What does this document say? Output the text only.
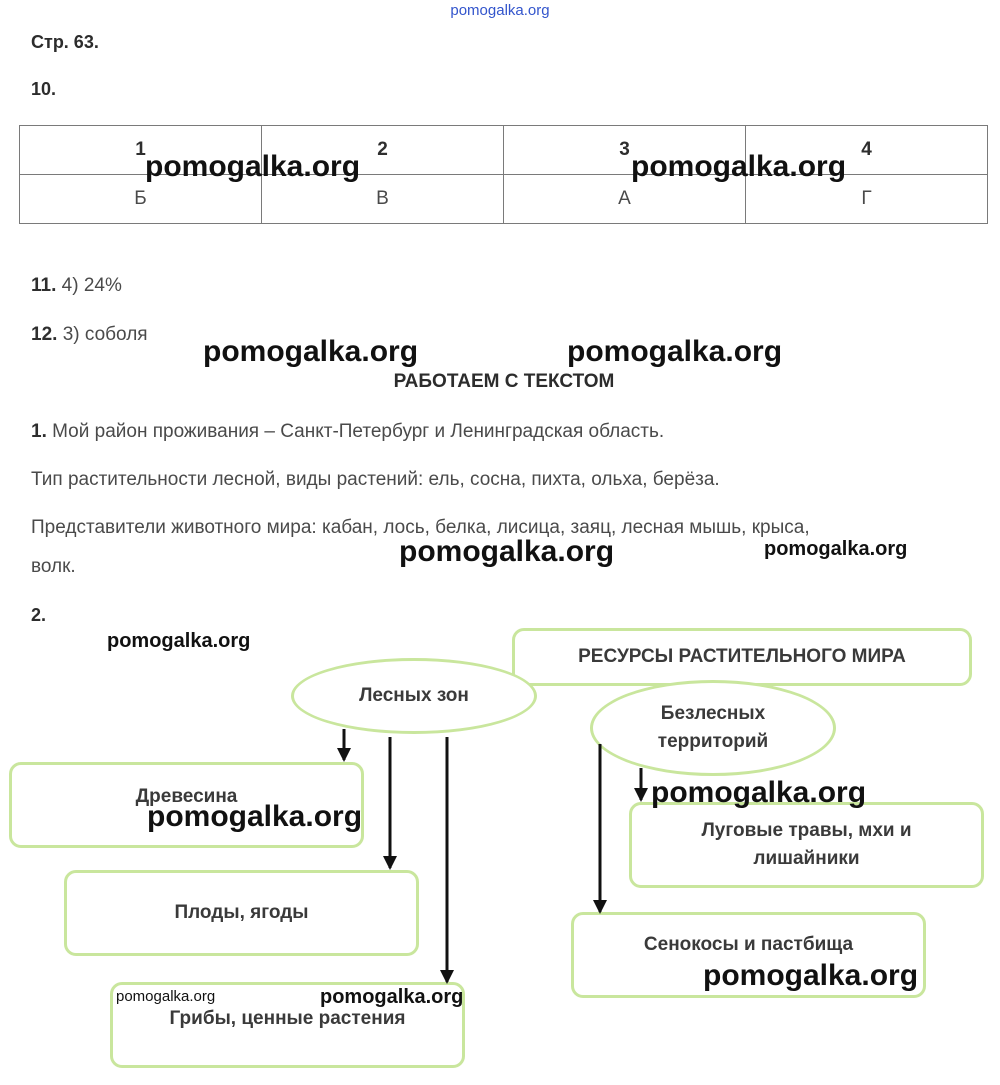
pomogalka.org
Стр. 63.
10.
1	2	3	4
Б	В	А	Г
11. 4) 24%
12. 3) соболя
РАБОТАЕМ С ТЕКСТОМ
1. Мой район проживания – Санкт-Петербург и Ленинградская область.
Тип растительности лесной, виды растений: ель, сосна, пихта, ольха, берёза.
Представители животного мира: кабан, лось, белка, лисица, заяц, лесная мышь, крыса,
волк.
2.
РЕСУРСЫ РАСТИТЕЛЬНОГО МИРА
Лесных зон
Безлесных
территорий
Древесина
Плоды, ягоды
Грибы, ценные растения
Луговые травы, мхи и
лишайники
Сенокосы и пастбища
pomogalka.org	pomogalka.org
pomogalka.org	pomogalka.org
pomogalka.org	pomogalka.org
pomogalka.org
pomogalka.org
pomogalka.org
pomogalka.org
pomogalka.org	pomogalka.org
